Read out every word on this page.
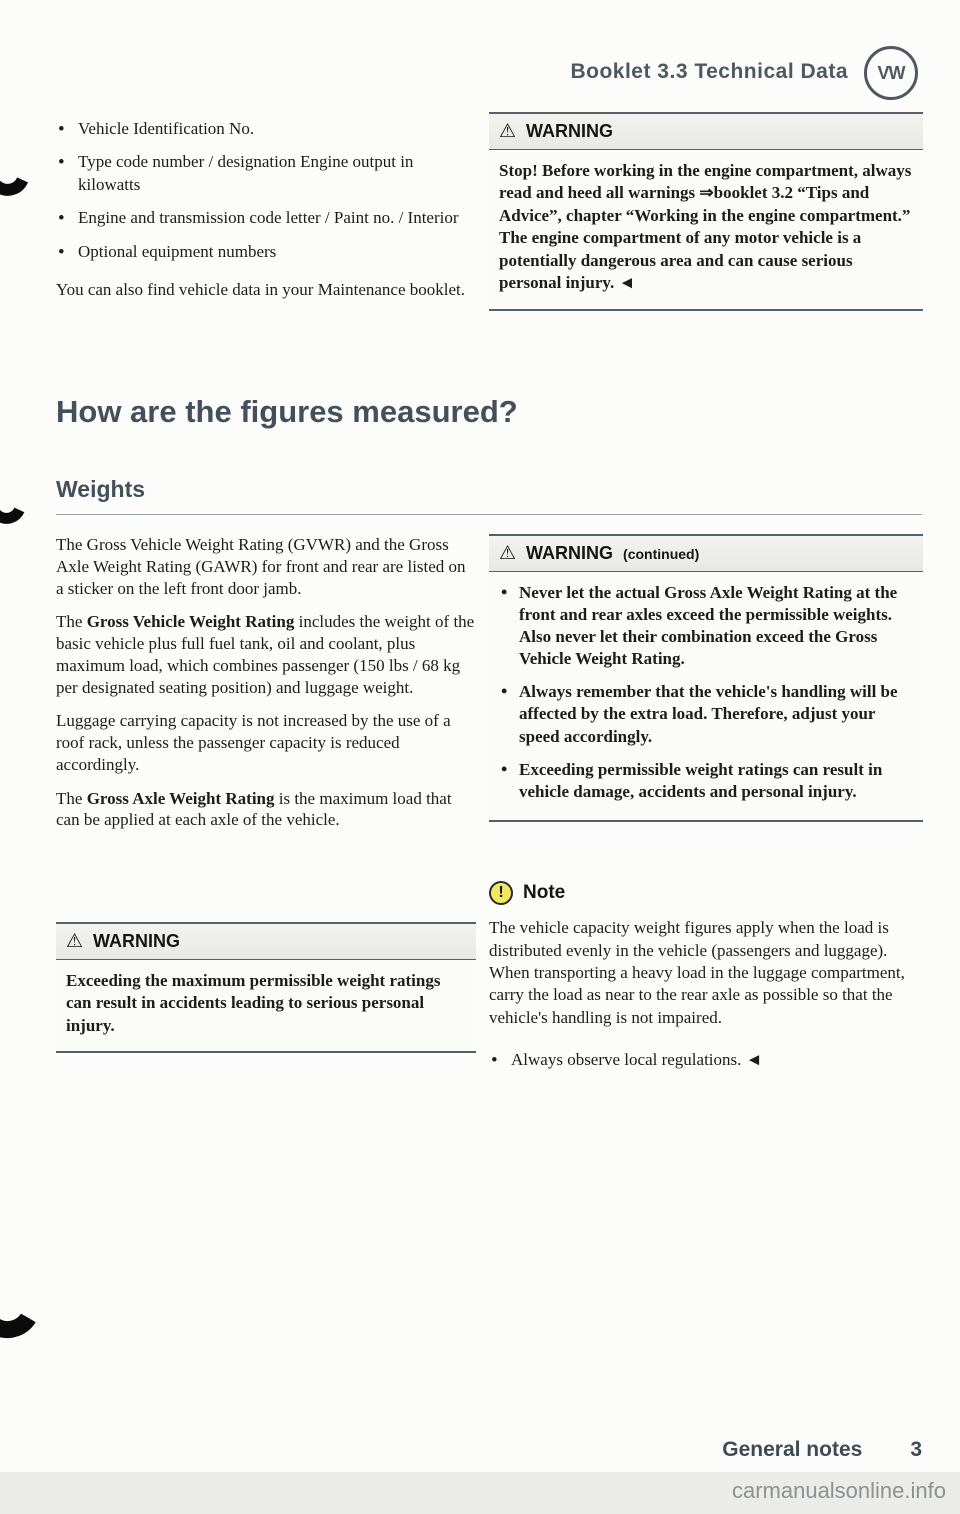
Booklet 3.3 Technical Data VW
• Vehicle Identification No.
• Type code number / designation Engine output in kilowatts
• Engine and transmission code letter / Paint no. / Interior
• Optional equipment numbers

You can also find vehicle data in your Maintenance booklet.

⚠ WARNING

Stop! Before working in the engine compartment, always read and heed all warnings ⇒booklet 3.2 “Tips and Advice”, chapter “Working in the engine compartment.” The engine compartment of any motor vehicle is a potentially dangerous area and can cause serious personal injury. ◄

How are the figures measured?
Weights

The Gross Vehicle Weight Rating (GVWR) and the Gross Axle Weight Rating (GAWR) for front and rear are listed on a sticker on the left front door jamb.

The Gross Vehicle Weight Rating includes the weight of the basic vehicle plus full fuel tank, oil and coolant, plus maximum load, which combines passenger (150 lbs / 68 kg per designated seating position) and luggage weight.

Luggage carrying capacity is not increased by the use of a roof rack, unless the passenger capacity is reduced accordingly.

The Gross Axle Weight Rating is the maximum load that can be applied at each axle of the vehicle.

⚠ WARNING (continued)
• Never let the actual Gross Axle Weight Rating at the front and rear axles exceed the permissible weights. Also never let their combination exceed the Gross Vehicle Weight Rating.
• Always remember that the vehicle's handling will be affected by the extra load. Therefore, adjust your speed accordingly.
• Exceeding permissible weight ratings can result in vehicle damage, accidents and personal injury.
⚠ WARNING

Exceeding the maximum permissible weight ratings can result in accidents leading to serious personal injury.

!	Note

The vehicle capacity weight figures apply when the load is distributed evenly in the vehicle (passengers and luggage). When transporting a heavy load in the luggage compartment, carry the load as near to the rear axle as possible so that the vehicle's handling is not impaired.

• Always observe local regulations. ◄

General notes 3
carmanualsonline.info
